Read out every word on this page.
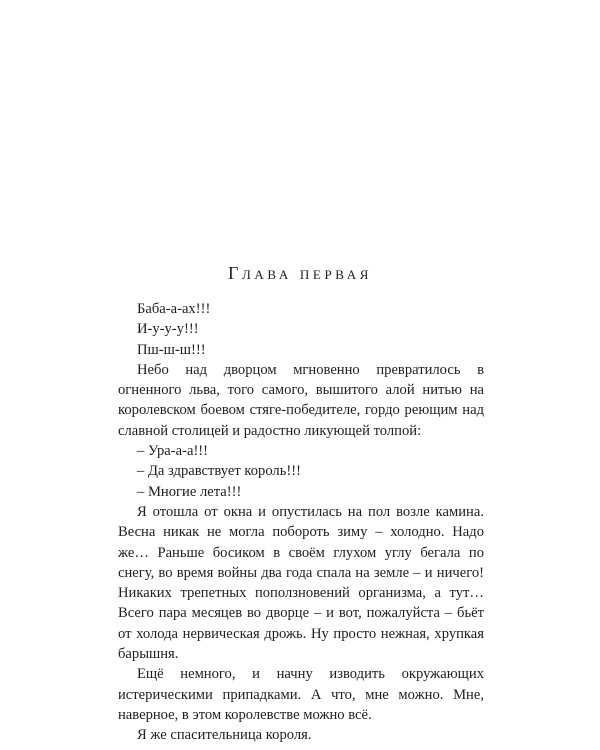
Глава первая

Баба-а-ах!!!

И-у-у-у!!!

Пш-ш-ш!!!

Небо над дворцом мгновенно превратилось в огненного льва, того самого, вышитого алой нитью на королевском боевом стяге-победителе, гордо реющим над славной столицей и радостно ликующей толпой:

– Ура-а-а!!!

– Да здравствует король!!!

– Многие лета!!!

Я отошла от окна и опустилась на пол возле камина. Весна никак не могла побороть зиму – холодно. Надо же… Раньше босиком в своём глухом углу бегала по снегу, во время войны два года спала на земле – и ничего! Никаких трепетных поползновений организма, а тут… Всего пара месяцев во дворце – и вот, пожалуйста – бьёт от холода нервическая дрожь. Ну просто нежная, хрупкая барышня.

Ещё немного, и начну изводить окружающих истерическими припадками. А что, мне можно. Мне, наверное, в этом королевстве можно всё.

Я же спасительница короля.
